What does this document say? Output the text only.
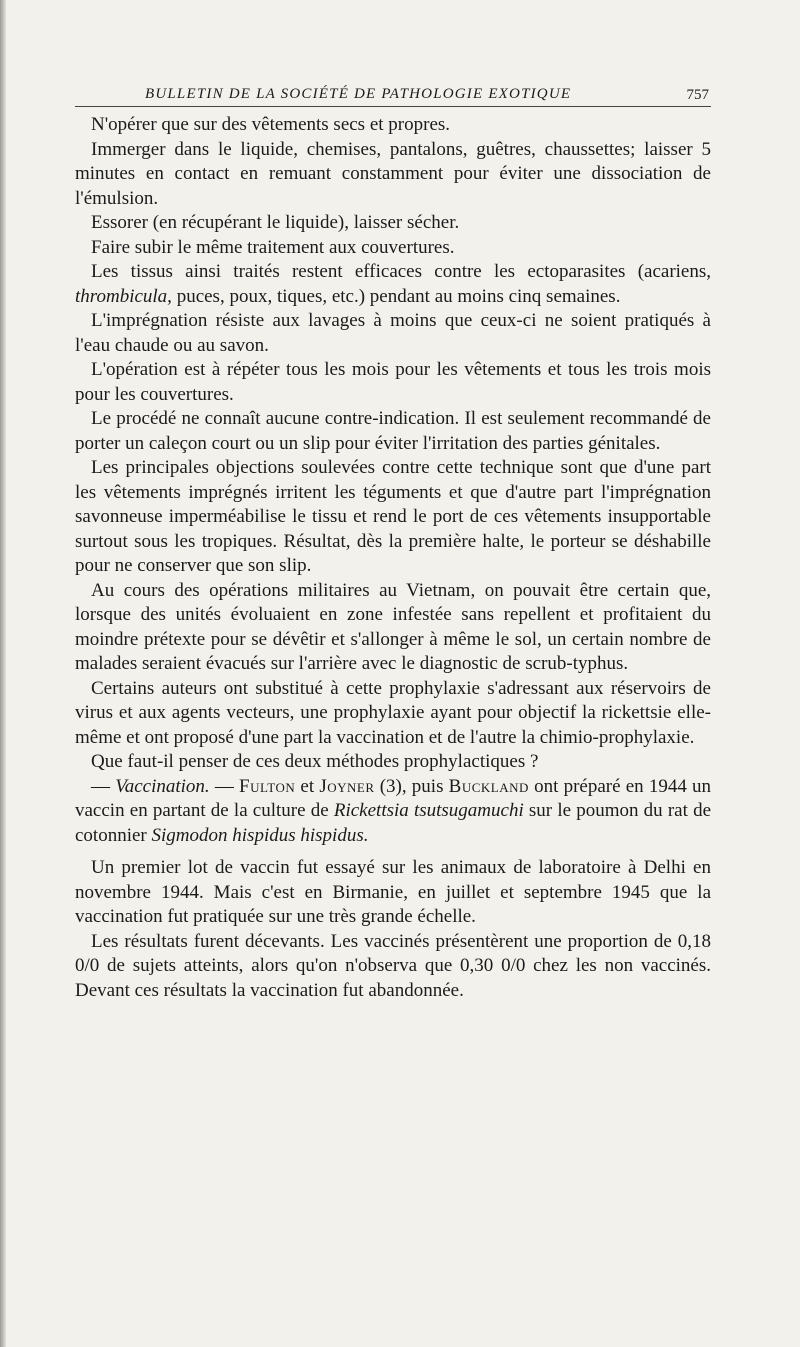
BULLETIN DE LA SOCIÉTÉ DE PATHOLOGIE EXOTIQUE	757

N'opérer que sur des vêtements secs et propres.

Immerger dans le liquide, chemises, pantalons, guêtres, chaussettes; laisser 5 minutes en contact en remuant constamment pour éviter une dissociation de l'émulsion.

Essorer (en récupérant le liquide), laisser sécher.

Faire subir le même traitement aux couvertures.

Les tissus ainsi traités restent efficaces contre les ectoparasites (acariens, thrombicula, puces, poux, tiques, etc.) pendant au moins cinq semaines.

L'imprégnation résiste aux lavages à moins que ceux-ci ne soient pratiqués à l'eau chaude ou au savon.

L'opération est à répéter tous les mois pour les vêtements et tous les trois mois pour les couvertures.

Le procédé ne connaît aucune contre-indication. Il est seulement recommandé de porter un caleçon court ou un slip pour éviter l'irritation des parties génitales.

Les principales objections soulevées contre cette technique sont que d'une part les vêtements imprégnés irritent les téguments et que d'autre part l'imprégnation savonneuse imperméabilise le tissu et rend le port de ces vêtements insupportable surtout sous les tropiques. Résultat, dès la première halte, le porteur se déshabille pour ne conserver que son slip.

Au cours des opérations militaires au Vietnam, on pouvait être certain que, lorsque des unités évoluaient en zone infestée sans repellent et profitaient du moindre prétexte pour se dévêtir et s'allonger à même le sol, un certain nombre de malades seraient évacués sur l'arrière avec le diagnostic de scrub-typhus.

Certains auteurs ont substitué à cette prophylaxie s'adressant aux réservoirs de virus et aux agents vecteurs, une prophylaxie ayant pour objectif la rickettsie elle-même et ont proposé d'une part la vaccination et de l'autre la chimio-prophylaxie.

Que faut-il penser de ces deux méthodes prophylactiques ?

— Vaccination. — Fulton et Joyner (3), puis Buckland ont préparé en 1944 un vaccin en partant de la culture de Rickettsia tsutsugamuchi sur le poumon du rat de cotonnier Sigmodon hispidus hispidus.

Un premier lot de vaccin fut essayé sur les animaux de laboratoire à Delhi en novembre 1944. Mais c'est en Birmanie, en juillet et septembre 1945 que la vaccination fut pratiquée sur une très grande échelle.

Les résultats furent décevants. Les vaccinés présentèrent une proportion de 0,18 0/0 de sujets atteints, alors qu'on n'observa que 0,30 0/0 chez les non vaccinés. Devant ces résultats la vaccination fut abandonnée.
